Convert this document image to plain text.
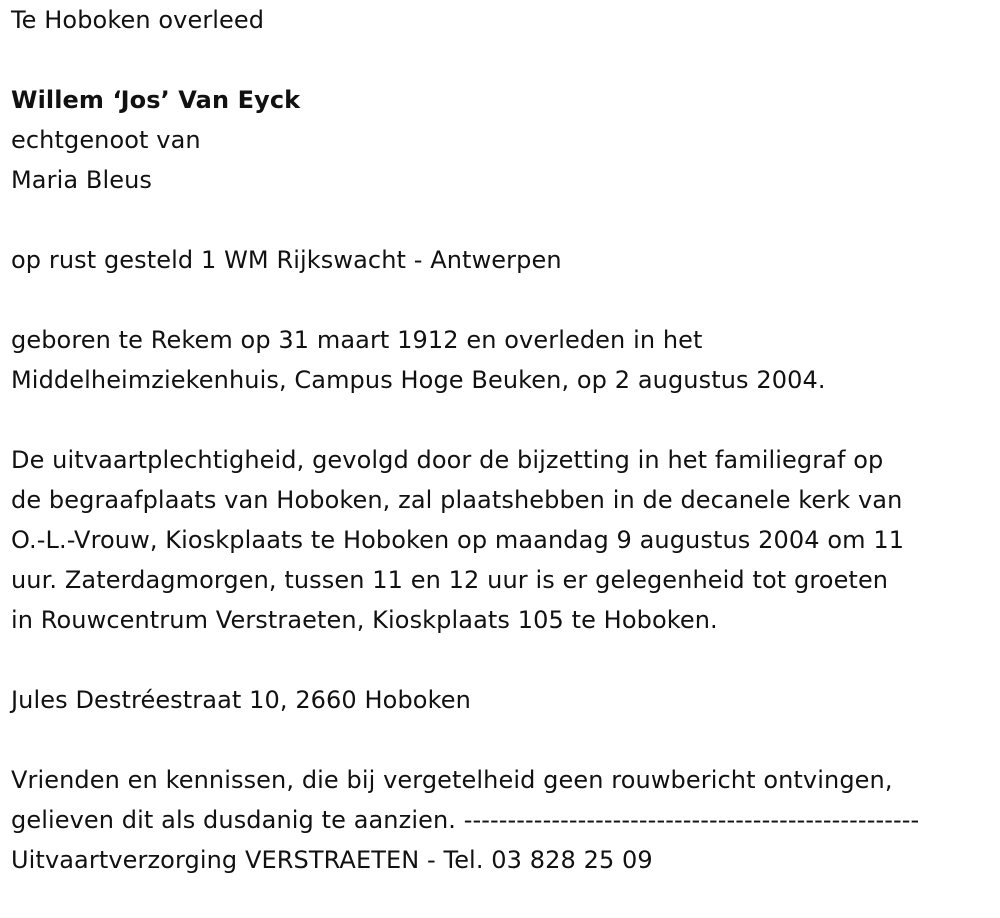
Te Hoboken overleed

Willem ‘Jos’ Van Eyck
echtgenoot van
Maria Bleus

op rust gesteld 1 WM Rijkswacht - Antwerpen

geboren te Rekem op 31 maart 1912 en overleden in het
Middelheimziekenhuis, Campus Hoge Beuken, op 2 augustus 2004.

De uitvaartplechtigheid, gevolgd door de bijzetting in het familiegraf op
de begraafplaats van Hoboken, zal plaatshebben in de decanele kerk van
O.-L.-Vrouw, Kioskplaats te Hoboken op maandag 9 augustus 2004 om 11
uur. Zaterdagmorgen, tussen 11 en 12 uur is er gelegenheid tot groeten
in Rouwcentrum Verstraeten, Kioskplaats 105 te Hoboken.

Jules Destréestraat 10, 2660 Hoboken

Vrienden en kennissen, die bij vergetelheid geen rouwbericht ontvingen,
gelieven dit als dusdanig te aanzien. ----------------------------------------------------
Uitvaartverzorging VERSTRAETEN - Tel. 03 828 25 09
